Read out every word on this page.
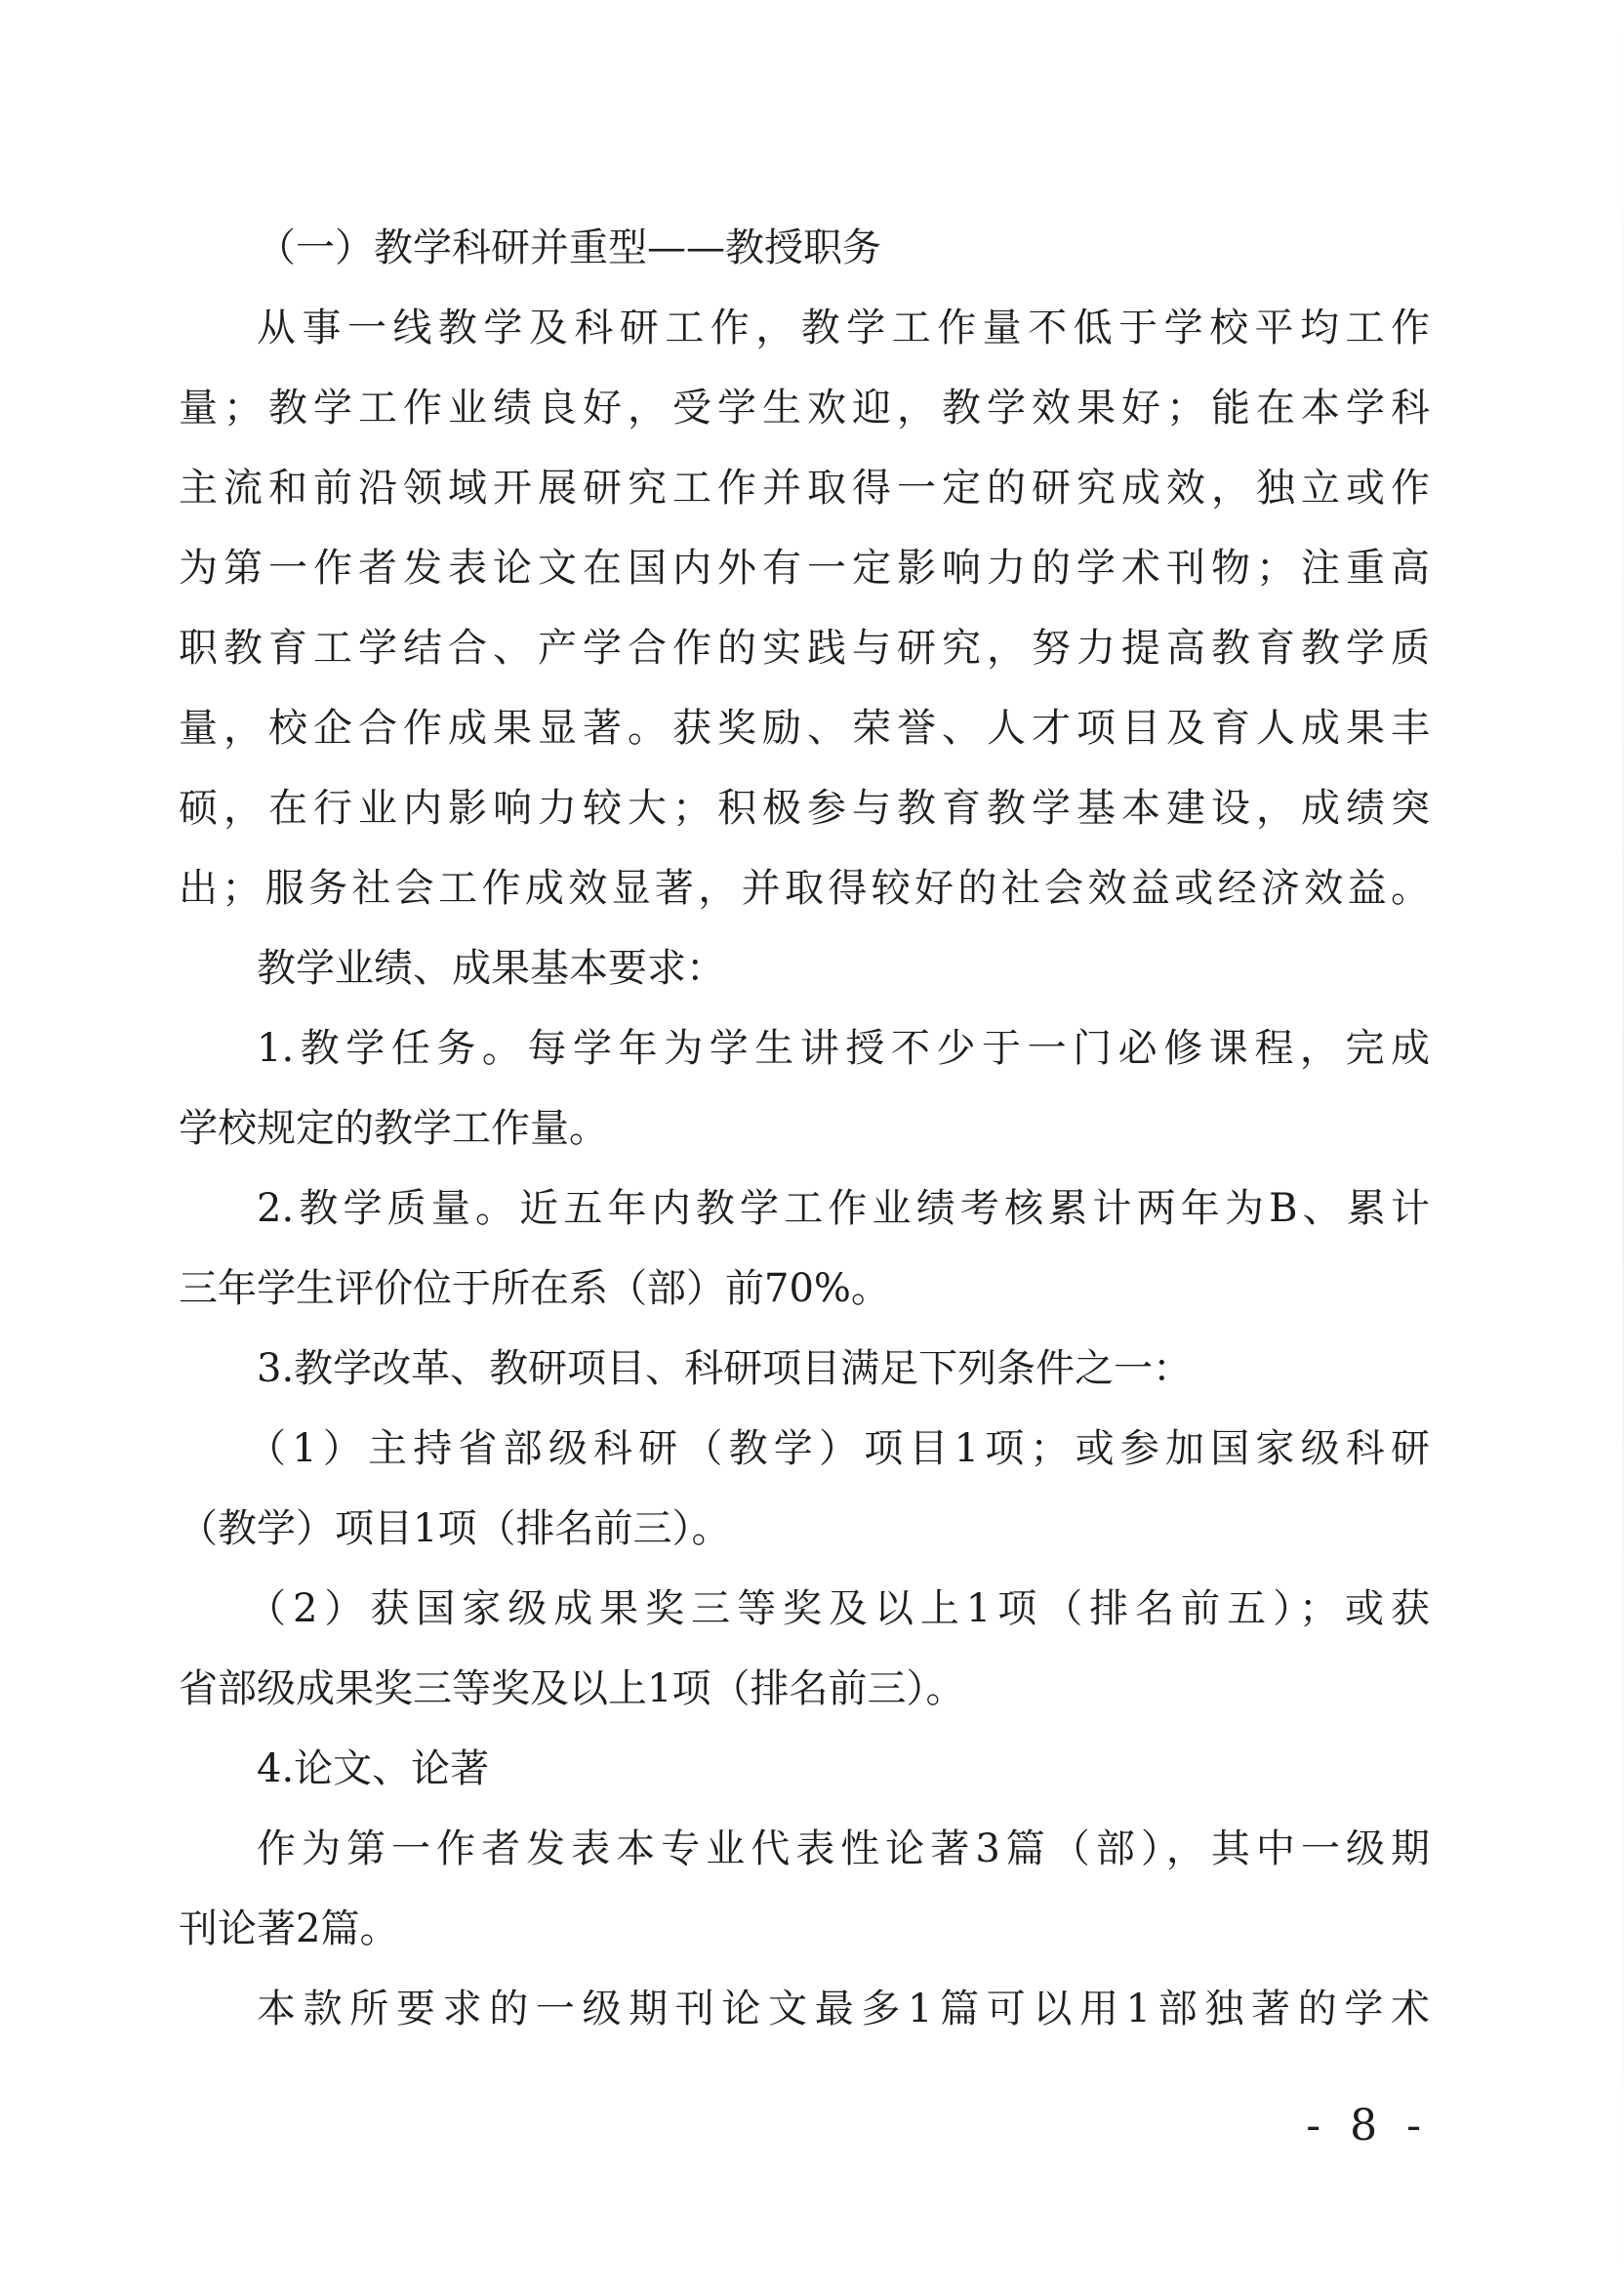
（一）教学科研并重型——教授职务
从事一线教学及科研工作，教学工作量不低于学校平均工作
量；教学工作业绩良好，受学生欢迎，教学效果好；能在本学科
主流和前沿领域开展研究工作并取得一定的研究成效，独立或作
为第一作者发表论文在国内外有一定影响力的学术刊物；注重高
职教育工学结合、产学合作的实践与研究，努力提高教育教学质
量，校企合作成果显著。获奖励、荣誉、人才项目及育人成果丰
硕，在行业内影响力较大；积极参与教育教学基本建设，成绩突
出；服务社会工作成效显著，并取得较好的社会效益或经济效益。
教学业绩、成果基本要求：
1.教学任务。每学年为学生讲授不少于一门必修课程，完成
学校规定的教学工作量。
2.教学质量。近五年内教学工作业绩考核累计两年为B、累计
三年学生评价位于所在系（部）前70%。
3.教学改革、教研项目、科研项目满足下列条件之一：
（1）主持省部级科研（教学）项目1项；或参加国家级科研
（教学）项目1项（排名前三）。
（2）获国家级成果奖三等奖及以上1项（排名前五）；或获
省部级成果奖三等奖及以上1项（排名前三）。
4.论文、论著
作为第一作者发表本专业代表性论著3篇（部），其中一级期
刊论著2篇。
本款所要求的一级期刊论文最多1篇可以用1部独著的学术
- 8 -
